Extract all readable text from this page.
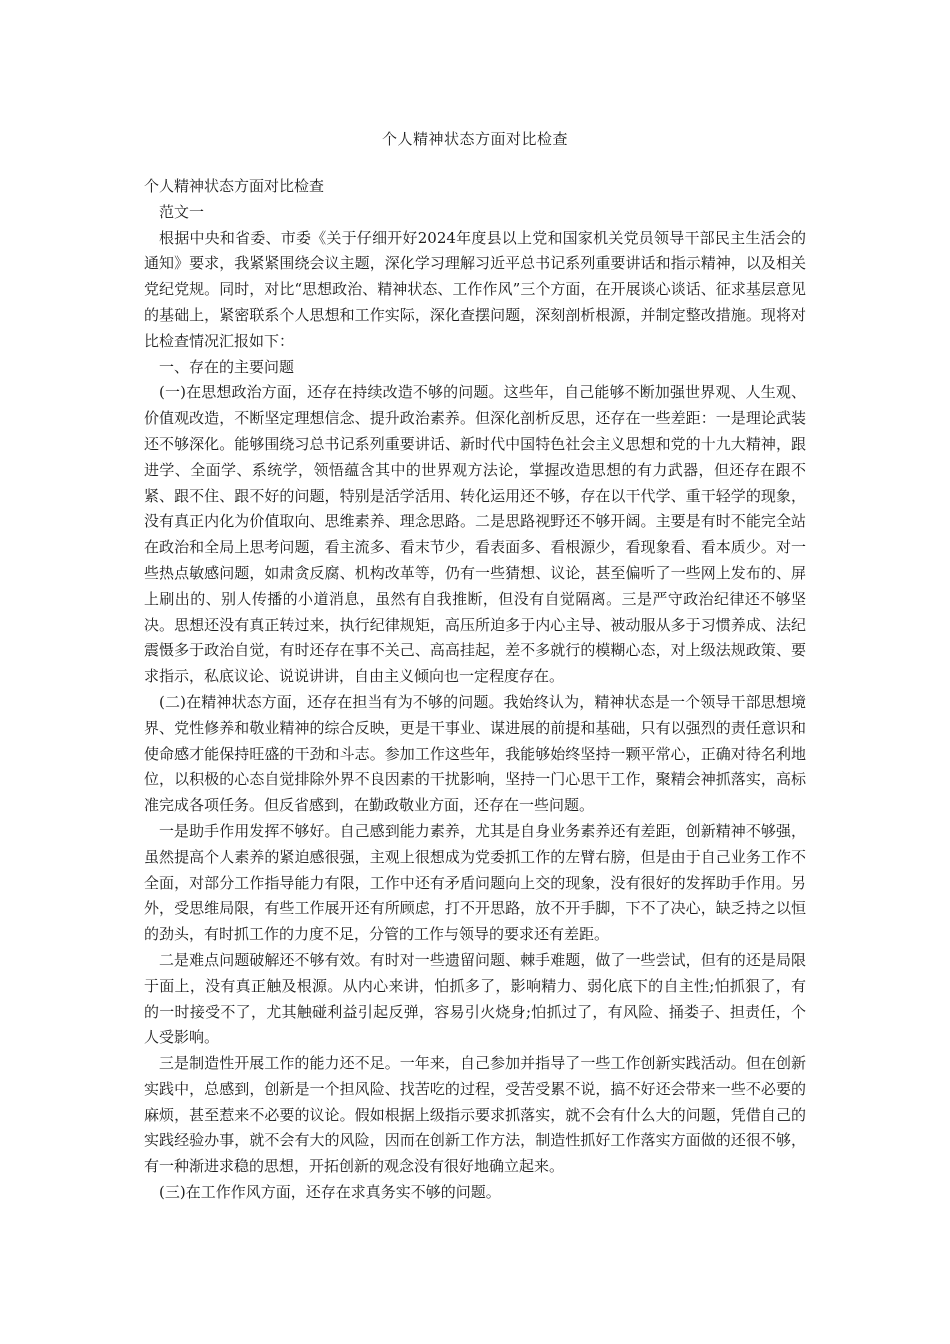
个人精神状态方面对比检查

个人精神状态方面对比检查

范文一

根据中央和省委、市委《关于仔细开好2024年度县以上党和国家机关党员领导干部民主生活会的通知》要求，我紧紧围绕会议主题，深化学习理解习近平总书记系列重要讲话和指示精神，以及相关党纪党规。同时，对比“思想政治、精神状态、工作作风”三个方面，在开展谈心谈话、征求基层意见的基础上，紧密联系个人思想和工作实际，深化查摆问题，深刻剖析根源，并制定整改措施。现将对比检查情况汇报如下：

一、存在的主要问题

(一)在思想政治方面，还存在持续改造不够的问题。这些年，自己能够不断加强世界观、人生观、价值观改造，不断坚定理想信念、提升政治素养。但深化剖析反思，还存在一些差距：一是理论武装还不够深化。能够围绕习总书记系列重要讲话、新时代中国特色社会主义思想和党的十九大精神，跟进学、全面学、系统学，领悟蕴含其中的世界观方法论，掌握改造思想的有力武器，但还存在跟不紧、跟不住、跟不好的问题，特别是活学活用、转化运用还不够，存在以干代学、重干轻学的现象，没有真正内化为价值取向、思维素养、理念思路。二是思路视野还不够开阔。主要是有时不能完全站在政治和全局上思考问题，看主流多、看末节少，看表面多、看根源少，看现象看、看本质少。对一些热点敏感问题，如肃贪反腐、机构改革等，仍有一些猜想、议论，甚至偏听了一些网上发布的、屏上刷出的、别人传播的小道消息，虽然有自我推断，但没有自觉隔离。三是严守政治纪律还不够坚决。思想还没有真正转过来，执行纪律规矩，高压所迫多于内心主导、被动服从多于习惯养成、法纪震慑多于政治自觉，有时还存在事不关己、高高挂起，差不多就行的模糊心态，对上级法规政策、要求指示，私底议论、说说讲讲，自由主义倾向也一定程度存在。

(二)在精神状态方面，还存在担当有为不够的问题。我始终认为，精神状态是一个领导干部思想境界、党性修养和敬业精神的综合反映，更是干事业、谋进展的前提和基础，只有以强烈的责任意识和使命感才能保持旺盛的干劲和斗志。参加工作这些年，我能够始终坚持一颗平常心，正确对待名利地位，以积极的心态自觉排除外界不良因素的干扰影响，坚持一门心思干工作，聚精会神抓落实，高标准完成各项任务。但反省感到，在勤政敬业方面，还存在一些问题。

一是助手作用发挥不够好。自己感到能力素养，尤其是自身业务素养还有差距，创新精神不够强，虽然提高个人素养的紧迫感很强，主观上很想成为党委抓工作的左臂右膀，但是由于自己业务工作不全面，对部分工作指导能力有限，工作中还有矛盾问题向上交的现象，没有很好的发挥助手作用。另外，受思维局限，有些工作展开还有所顾虑，打不开思路，放不开手脚，下不了决心，缺乏持之以恒的劲头，有时抓工作的力度不足，分管的工作与领导的要求还有差距。

二是难点问题破解还不够有效。有时对一些遗留问题、棘手难题，做了一些尝试，但有的还是局限于面上，没有真正触及根源。从内心来讲，怕抓多了，影响精力、弱化底下的自主性;怕抓狠了，有的一时接受不了，尤其触碰利益引起反弹，容易引火烧身;怕抓过了，有风险、捅娄子、担责任，个人受影响。

三是制造性开展工作的能力还不足。一年来，自己参加并指导了一些工作创新实践活动。但在创新实践中，总感到，创新是一个担风险、找苦吃的过程，受苦受累不说，搞不好还会带来一些不必要的麻烦，甚至惹来不必要的议论。假如根据上级指示要求抓落实，就不会有什么大的问题，凭借自己的实践经验办事，就不会有大的风险，因而在创新工作方法，制造性抓好工作落实方面做的还很不够，有一种渐进求稳的思想，开拓创新的观念没有很好地确立起来。

(三)在工作作风方面，还存在求真务实不够的问题。
